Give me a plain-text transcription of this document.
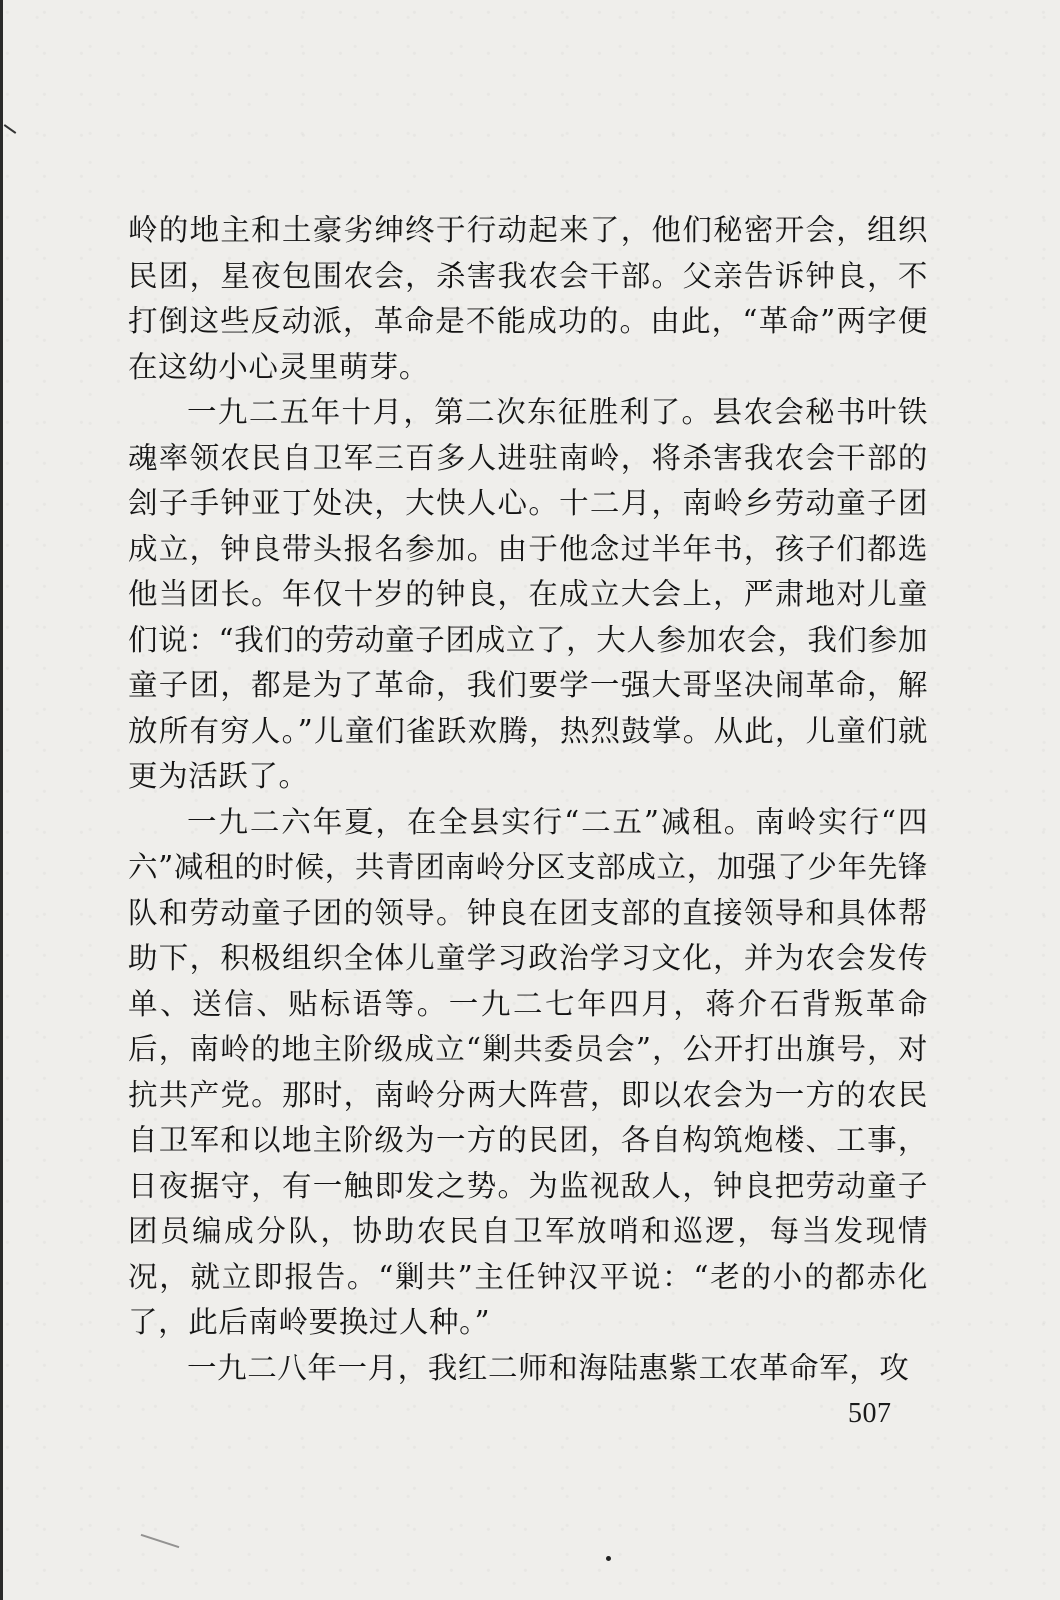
岭的地主和土豪劣绅终于行动起来了，他们秘密开会，组织民团，星夜包围农会，杀害我农会干部。父亲告诉钟良，不打倒这些反动派，革命是不能成功的。由此，“革命”两字便在这幼小心灵里萌芽。

一九二五年十月，第二次东征胜利了。县农会秘书叶铁魂率领农民自卫军三百多人进驻南岭，将杀害我农会干部的刽子手钟亚丁处决，大快人心。十二月，南岭乡劳动童子团成立，钟良带头报名参加。由于他念过半年书，孩子们都选他当团长。年仅十岁的钟良，在成立大会上，严肃地对儿童们说：“我们的劳动童子团成立了，大人参加农会，我们参加童子团，都是为了革命，我们要学一强大哥坚决闹革命，解放所有穷人。”儿童们雀跃欢腾，热烈鼓掌。从此，儿童们就更为活跃了。

一九二六年夏，在全县实行“二五”减租。南岭实行“四六”减租的时候，共青团南岭分区支部成立，加强了少年先锋队和劳动童子团的领导。钟良在团支部的直接领导和具体帮助下，积极组织全体儿童学习政治学习文化，并为农会发传单、送信、贴标语等。一九二七年四月，蒋介石背叛革命后，南岭的地主阶级成立“剿共委员会”，公开打出旗号，对抗共产党。那时，南岭分两大阵营，即以农会为一方的农民自卫军和以地主阶级为一方的民团，各自构筑炮楼、工事，日夜据守，有一触即发之势。为监视敌人，钟良把劳动童子团员编成分队，协助农民自卫军放哨和巡逻，每当发现情况，就立即报告。“剿共”主任钟汉平说：“老的小的都赤化了，此后南岭要换过人种。”

一九二八年一月，我红二师和海陆惠紫工农革命军，攻

507
